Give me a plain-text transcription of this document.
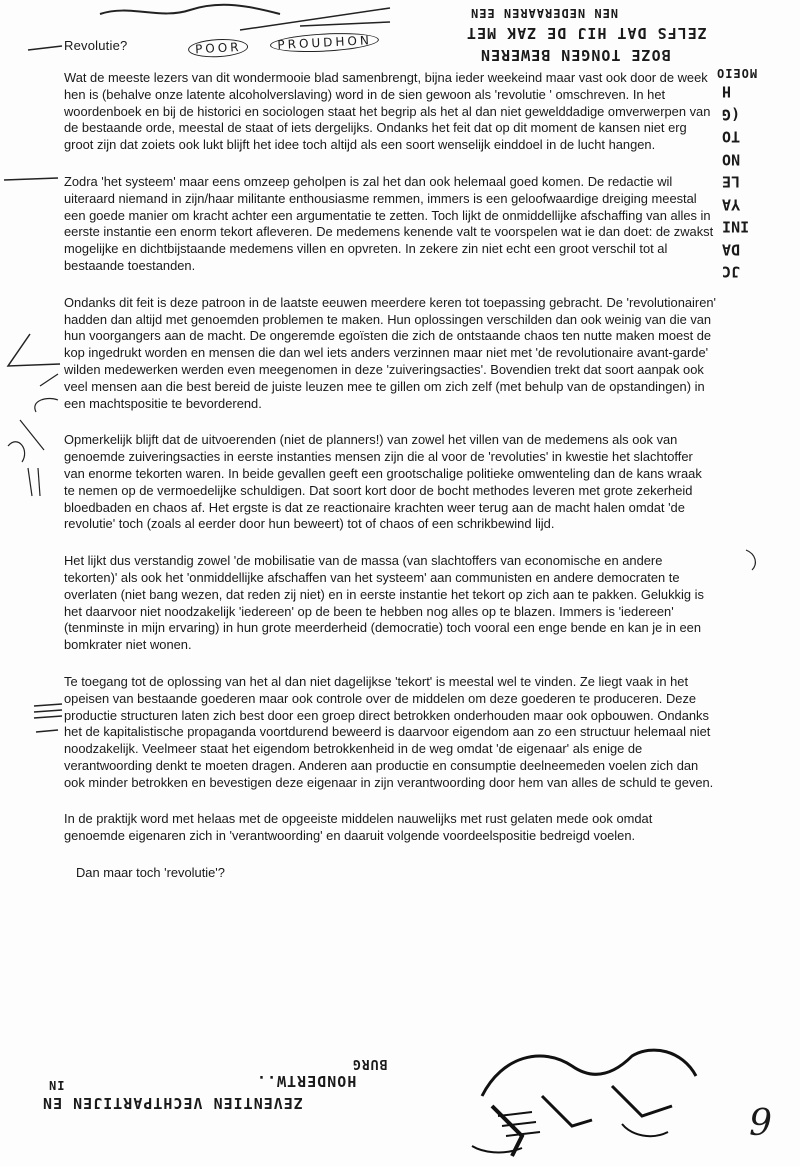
Revolutie?	POOR	PROUDHON
NEN NEDERAAREN EEN
ZELFS DAT HIJ DE ZAK MET
BOZE TONGEN BEWEREN
MOEIO
H
(G
TO
NO
LE
YA
INI
DA
JC

Wat de meeste lezers van dit wondermooie blad samenbrengt, bijna ieder weekeind maar vast ook door de week hen is (behalve onze latente alcoholverslaving) word in de sien gewoon als 'revolutie ' omschreven. In het woordenboek en bij de historici en sociologen staat het begrip als het al dan niet gewelddadige omverwerpen van de bestaande orde, meestal de staat of iets dergelijks. Ondanks het feit dat op dit moment de kansen niet erg groot zijn dat zoiets ook lukt blijft het idee toch altijd als een soort wenselijk einddoel in de lucht hangen.

Zodra 'het systeem' maar eens omzeep geholpen is zal het dan ook helemaal goed komen. De redactie wil uiteraard niemand in zijn/haar militante enthousiasme remmen, immers is een geloofwaardige dreiging meestal een goede manier om kracht achter een argumentatie te zetten. Toch lijkt de onmiddellijke afschaffing van alles in eerste instantie een enorm tekort afleveren. De medemens kenende valt te voorspelen wat ie dan doet: de zwakst mogelijke en dichtbijstaande medemens villen en opvreten. In zekere zin niet echt een groot verschil tot al bestaande toestanden.

Ondanks dit feit is deze patroon in de laatste eeuwen meerdere keren tot toepassing gebracht. De 'revolutionairen' hadden dan altijd met genoemden problemen te maken. Hun oplossingen verschilden dan ook weinig van die van hun voorgangers aan de macht. De ongeremde egoïsten die zich de ontstaande chaos ten nutte maken moest de kop ingedrukt worden en mensen die dan wel iets anders verzinnen maar niet met 'de revolutionaire avant-garde' wilden medewerken werden even meegenomen in deze 'zuiveringsacties'. Bovendien trekt dat soort aanpak ook veel mensen aan die best bereid de juiste leuzen mee te gillen om zich zelf (met behulp van de opstandingen) in een machtspositie te bevorderend.

Opmerkelijk blijft dat de uitvoerenden (niet de planners!) van zowel het villen van de medemens als ook van genoemde zuiveringsacties in eerste instanties mensen zijn die al voor de 'revoluties' in kwestie het slachtoffer van enorme tekorten waren. In beide gevallen geeft een grootschalige politieke omwenteling dan de kans wraak te nemen op de vermoedelijke schuldigen. Dat soort kort door de bocht methodes leveren met grote zekerheid bloedbaden en chaos af. Het ergste is dat ze reactionaire krachten weer terug aan de macht halen omdat 'de revolutie' toch (zoals al eerder door hun beweert) tot of chaos of een schrikbewind lijd.

Het lijkt dus verstandig zowel 'de mobilisatie van de massa (van slachtoffers van economische en andere tekorten)' als ook het 'onmiddellijke afschaffen van het systeem' aan communisten en andere democraten te overlaten (niet bang wezen, dat reden zij niet) en in eerste instantie het tekort op zich aan te pakken. Gelukkig is het daarvoor niet noodzakelijk 'iedereen' op de been te hebben nog alles op te blazen. Immers is 'iedereen' (tenminste in mijn ervaring) in hun grote meerderheid (democratie) toch vooral een enge bende en kan je in een bomkrater niet wonen.

Te toegang tot de oplossing van het al dan niet dagelijkse 'tekort' is meestal wel te vinden. Ze liegt vaak in het opeisen van bestaande goederen maar ook controle over de middelen om deze goederen te produceren. Deze productie structuren laten zich best door een groep direct betrokken onderhouden maar ook opbouwen. Ondanks het de kapitalistische propaganda voortdurend beweerd is daarvoor eigendom aan zo een structuur helemaal niet noodzakelijk. Veelmeer staat het eigendom betrokkenheid in de weg omdat 'de eigenaar' als enige de verantwoording denkt te moeten dragen. Anderen aan productie en consumptie deelneemeden voelen zich dan ook minder betrokken en bevestigen deze eigenaar in zijn verantwoording door hem van alles de schuld te geven.

In de praktijk word met helaas met de opgeeiste middelen nauwelijks met rust gelaten mede ook omdat genoemde eigenaren zich in 'verantwoording' en daaruit volgende voordeelspositie bedreigd voelen.

Dan maar toch 'revolutie'?

BURG
HONDERTW..
ZEVENTIEN VECHTPARTIJEN EN
IN
9
